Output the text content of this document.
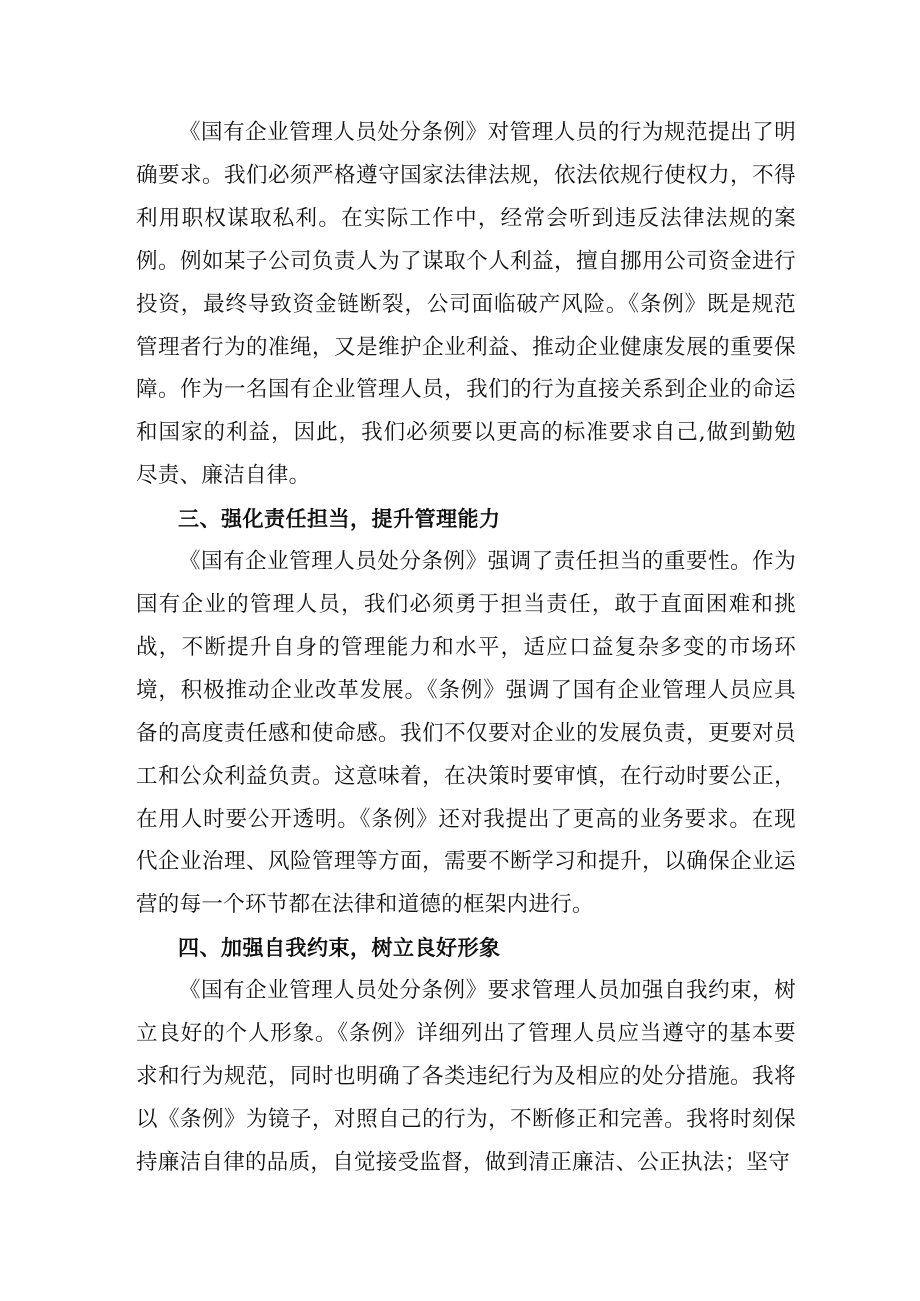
《国有企业管理人员处分条例》对管理人员的行为规范提出了明确要求。我们必须严格遵守国家法律法规，依法依规行使权力，不得利用职权谋取私利。在实际工作中，经常会听到违反法律法规的案例。例如某子公司负责人为了谋取个人利益，擅自挪用公司资金进行投资，最终导致资金链断裂，公司面临破产风险。《条例》既是规范管理者行为的准绳，又是维护企业利益、推动企业健康发展的重要保障。作为一名国有企业管理人员，我们的行为直接关系到企业的命运和国家的利益，因此，我们必须要以更高的标准要求自己,做到勤勉尽责、廉洁自律。

三、强化责任担当，提升管理能力

《国有企业管理人员处分条例》强调了责任担当的重要性。作为国有企业的管理人员，我们必须勇于担当责任，敢于直面困难和挑战，不断提升自身的管理能力和水平，适应口益复杂多变的市场环境，积极推动企业改革发展。《条例》强调了国有企业管理人员应具备的高度责任感和使命感。我们不仅要对企业的发展负责，更要对员工和公众利益负责。这意味着，在决策时要审慎，在行动时要公正，在用人时要公开透明。《条例》还对我提出了更高的业务要求。在现代企业治理、风险管理等方面，需要不断学习和提升，以确保企业运营的每一个环节都在法律和道德的框架内进行。

四、加强自我约束，树立良好形象

《国有企业管理人员处分条例》要求管理人员加强自我约束，树立良好的个人形象。《条例》详细列出了管理人员应当遵守的基本要求和行为规范，同时也明确了各类违纪行为及相应的处分措施。我将以《条例》为镜子，对照自己的行为，不断修正和完善。我将时刻保持廉洁自律的品质，自觉接受监督，做到清正廉洁、公正执法；坚守
